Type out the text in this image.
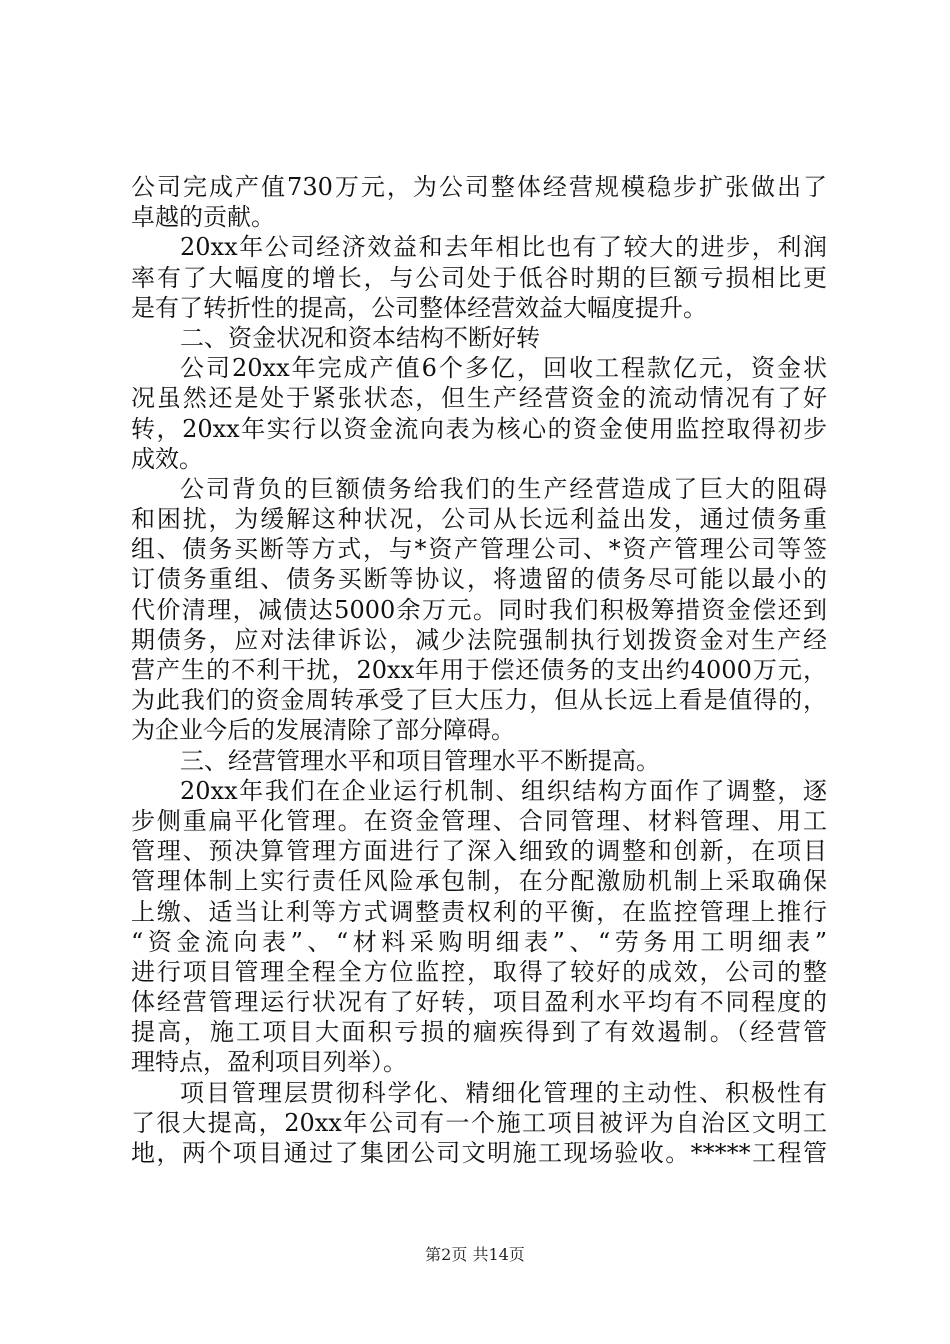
公司完成产值730万元，为公司整体经营规模稳步扩张做出了
卓越的贡献。
20xx年公司经济效益和去年相比也有了较大的进步，利润
率有了大幅度的增长，与公司处于低谷时期的巨额亏损相比更
是有了转折性的提高，公司整体经营效益大幅度提升。
二、资金状况和资本结构不断好转
公司20xx年完成产值6个多亿，回收工程款亿元，资金状
况虽然还是处于紧张状态，但生产经营资金的流动情况有了好
转，20xx年实行以资金流向表为核心的资金使用监控取得初步
成效。
公司背负的巨额债务给我们的生产经营造成了巨大的阻碍
和困扰，为缓解这种状况，公司从长远利益出发，通过债务重
组、债务买断等方式，与*资产管理公司、*资产管理公司等签
订债务重组、债务买断等协议，将遗留的债务尽可能以最小的
代价清理，减债达5000余万元。同时我们积极筹措资金偿还到
期债务，应对法律诉讼，减少法院强制执行划拨资金对生产经
营产生的不利干扰，20xx年用于偿还债务的支出约4000万元，
为此我们的资金周转承受了巨大压力，但从长远上看是值得的，
为企业今后的发展清除了部分障碍。
三、经营管理水平和项目管理水平不断提高。
20xx年我们在企业运行机制、组织结构方面作了调整，逐
步侧重扁平化管理。在资金管理、合同管理、材料管理、用工
管理、预决算管理方面进行了深入细致的调整和创新，在项目
管理体制上实行责任风险承包制，在分配激励机制上采取确保
上缴、适当让利等方式调整责权利的平衡，在监控管理上推行
“资金流向表”、“材料采购明细表”、“劳务用工明细表”
进行项目管理全程全方位监控，取得了较好的成效，公司的整
体经营管理运行状况有了好转，项目盈利水平均有不同程度的
提高，施工项目大面积亏损的痼疾得到了有效遏制。（经营管
理特点，盈利项目列举）。
项目管理层贯彻科学化、精细化管理的主动性、积极性有
了很大提高，20xx年公司有一个施工项目被评为自治区文明工
地，两个项目通过了集团公司文明施工现场验收。*****工程管
第2页 共14页
